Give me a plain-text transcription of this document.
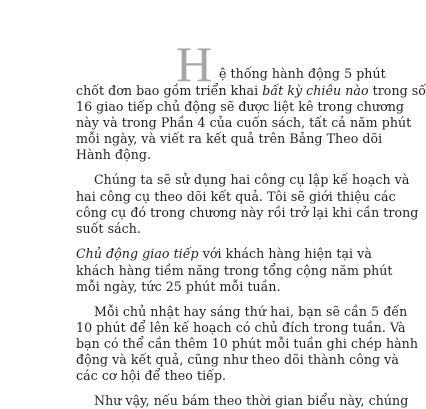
H ệ thống hành động 5 phút
chốt đơn bao gồm triển khai bất kỳ chiêu nào trong số
16 giao tiếp chủ động sẽ được liệt kê trong chương
này và trong Phần 4 của cuốn sách, tất cả năm phút
mỗi ngày, và viết ra kết quả trên Bảng Theo dõi
Hành động.
Chúng ta sẽ sử dụng hai công cụ lập kế hoạch và
hai công cụ theo dõi kết quả. Tôi sẽ giới thiệu các
công cụ đó trong chương này rồi trở lại khi cần trong
suốt sách.
Chủ động giao tiếp với khách hàng hiện tại và
khách hàng tiềm năng trong tổng cộng năm phút
mỗi ngày, tức 25 phút mỗi tuần.
Mỗi chủ nhật hay sáng thứ hai, bạn sẽ cần 5 đến
10 phút để lên kế hoạch có chủ đích trong tuần. Và
bạn có thể cần thêm 10 phút mỗi tuần ghi chép hành
động và kết quả, cũng như theo dõi thành công và
các cơ hội để theo tiếp.
Như vậy, nếu bám theo thời gian biểu này, chúng
